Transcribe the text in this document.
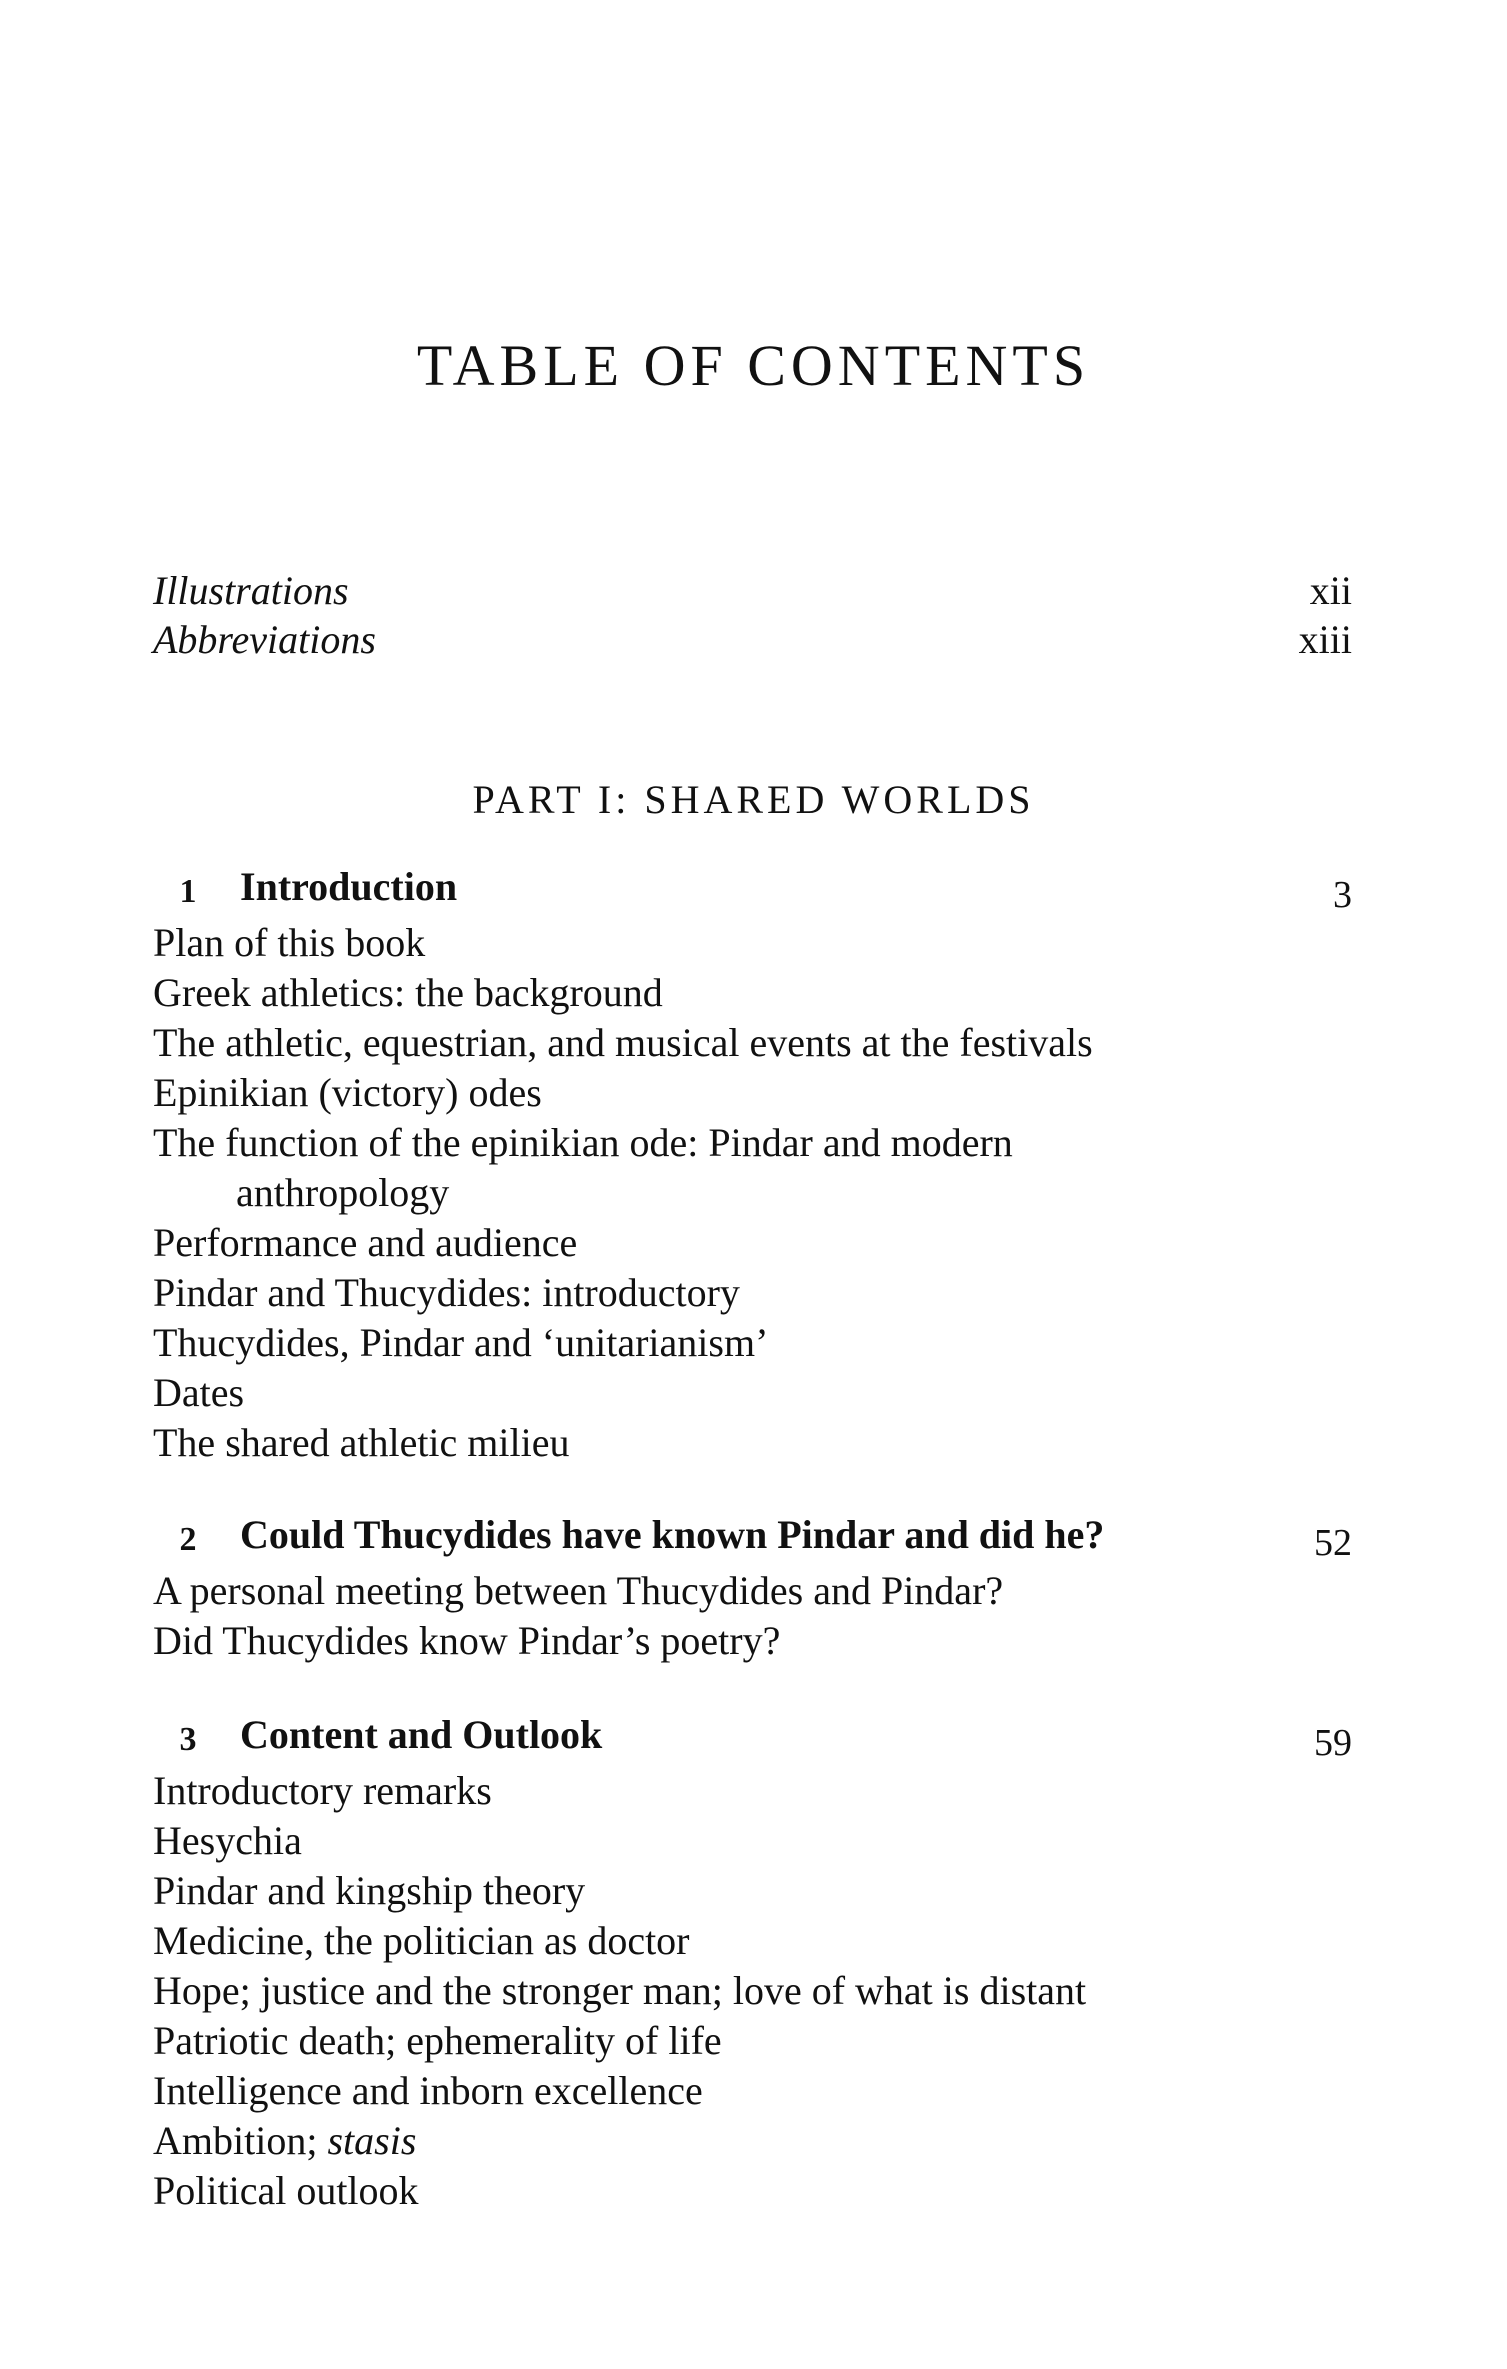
TABLE OF CONTENTS
Illustrations	xii
Abbreviations	xiii
PART I: SHARED WORLDS
1 Introduction	3
Plan of this book
Greek athletics: the background
The athletic, equestrian, and musical events at the festivals
Epinikian (victory) odes
The function of the epinikian ode: Pindar and modern
anthropology
Performance and audience
Pindar and Thucydides: introductory
Thucydides, Pindar and ‘unitarianism’
Dates
The shared athletic milieu
2 Could Thucydides have known Pindar and did he?	52
A personal meeting between Thucydides and Pindar?
Did Thucydides know Pindar’s poetry?
3 Content and Outlook	59
Introductory remarks
Hesychia
Pindar and kingship theory
Medicine, the politician as doctor
Hope; justice and the stronger man; love of what is distant
Patriotic death; ephemerality of life
Intelligence and inborn excellence
Ambition; stasis
Political outlook
